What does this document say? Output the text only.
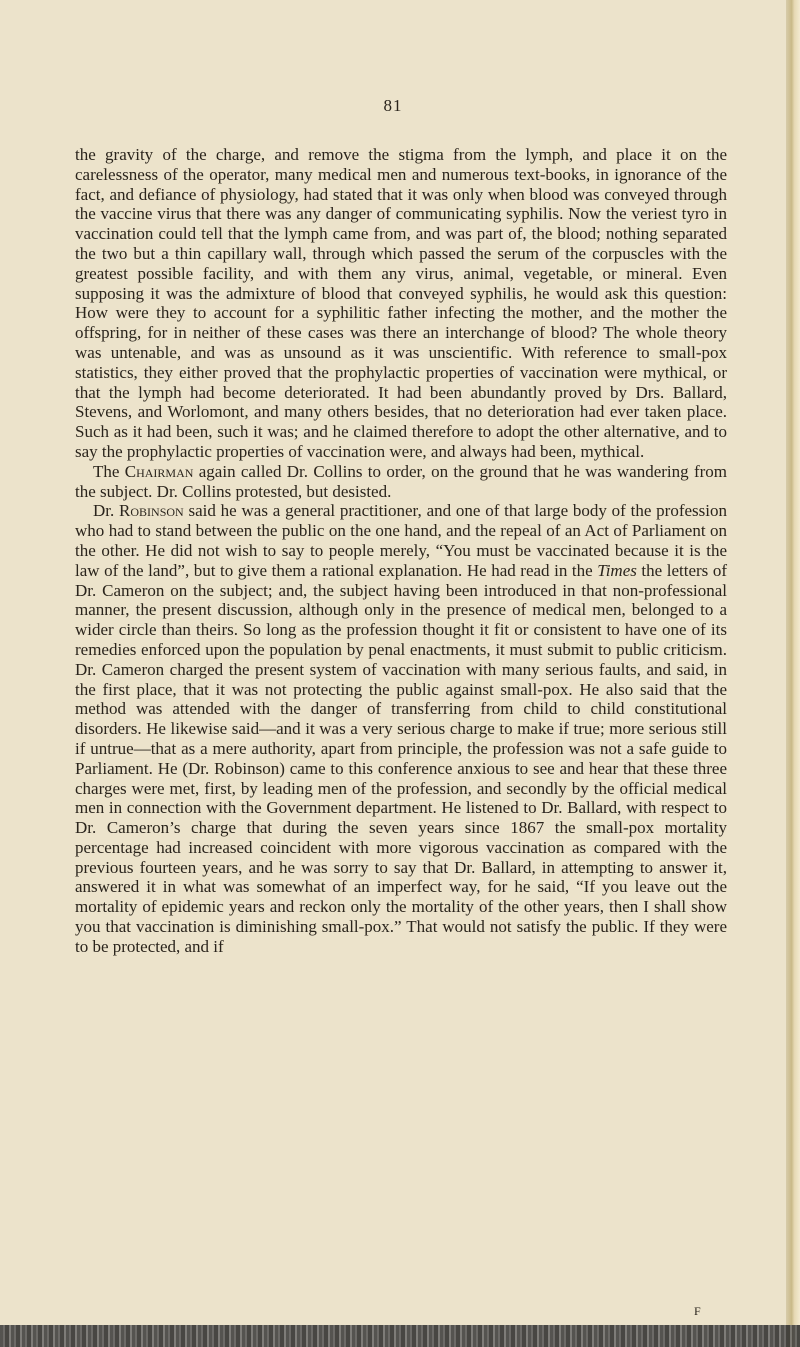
81

the gravity of the charge, and remove the stigma from the lymph, and place it on the carelessness of the operator, many medical men and numerous text-books, in ignorance of the fact, and defiance of physiology, had stated that it was only when blood was conveyed through the vaccine virus that there was any danger of communicating syphilis. Now the veriest tyro in vaccination could tell that the lymph came from, and was part of, the blood; nothing separated the two but a thin capillary wall, through which passed the serum of the corpuscles with the greatest possible facility, and with them any virus, animal, vegetable, or mineral. Even supposing it was the admixture of blood that conveyed syphilis, he would ask this question: How were they to account for a syphilitic father infecting the mother, and the mother the offspring, for in neither of these cases was there an interchange of blood? The whole theory was untenable, and was as unsound as it was unscientific. With reference to small-pox statistics, they either proved that the prophylactic properties of vaccination were mythical, or that the lymph had become deteriorated. It had been abundantly proved by Drs. Ballard, Stevens, and Worlomont, and many others besides, that no deterioration had ever taken place. Such as it had been, such it was; and he claimed therefore to adopt the other alternative, and to say the prophylactic properties of vaccination were, and always had been, mythical.

The Chairman again called Dr. Collins to order, on the ground that he was wandering from the subject. Dr. Collins protested, but desisted.

Dr. Robinson said he was a general practitioner, and one of that large body of the profession who had to stand between the public on the one hand, and the repeal of an Act of Parliament on the other. He did not wish to say to people merely, “You must be vaccinated because it is the law of the land”, but to give them a rational explanation. He had read in the Times the letters of Dr. Cameron on the subject; and, the subject having been introduced in that non-professional manner, the present discussion, although only in the presence of medical men, belonged to a wider circle than theirs. So long as the profession thought it fit or consistent to have one of its remedies enforced upon the population by penal enactments, it must submit to public criticism. Dr. Cameron charged the present system of vaccination with many serious faults, and said, in the first place, that it was not protecting the public against small-pox. He also said that the method was attended with the danger of transferring from child to child constitutional disorders. He likewise said—and it was a very serious charge to make if true; more serious still if untrue—that as a mere authority, apart from principle, the profession was not a safe guide to Parliament. He (Dr. Robinson) came to this conference anxious to see and hear that these three charges were met, first, by leading men of the profession, and secondly by the official medical men in connection with the Government department. He listened to Dr. Ballard, with respect to Dr. Cameron’s charge that during the seven years since 1867 the small-pox mortality percentage had increased coincident with more vigorous vaccination as compared with the previous fourteen years, and he was sorry to say that Dr. Ballard, in attempting to answer it, answered it in what was somewhat of an imperfect way, for he said, “If you leave out the mortality of epidemic years and reckon only the mortality of the other years, then I shall show you that vaccination is diminishing small-pox.” That would not satisfy the public. If they were to be protected, and if

F
